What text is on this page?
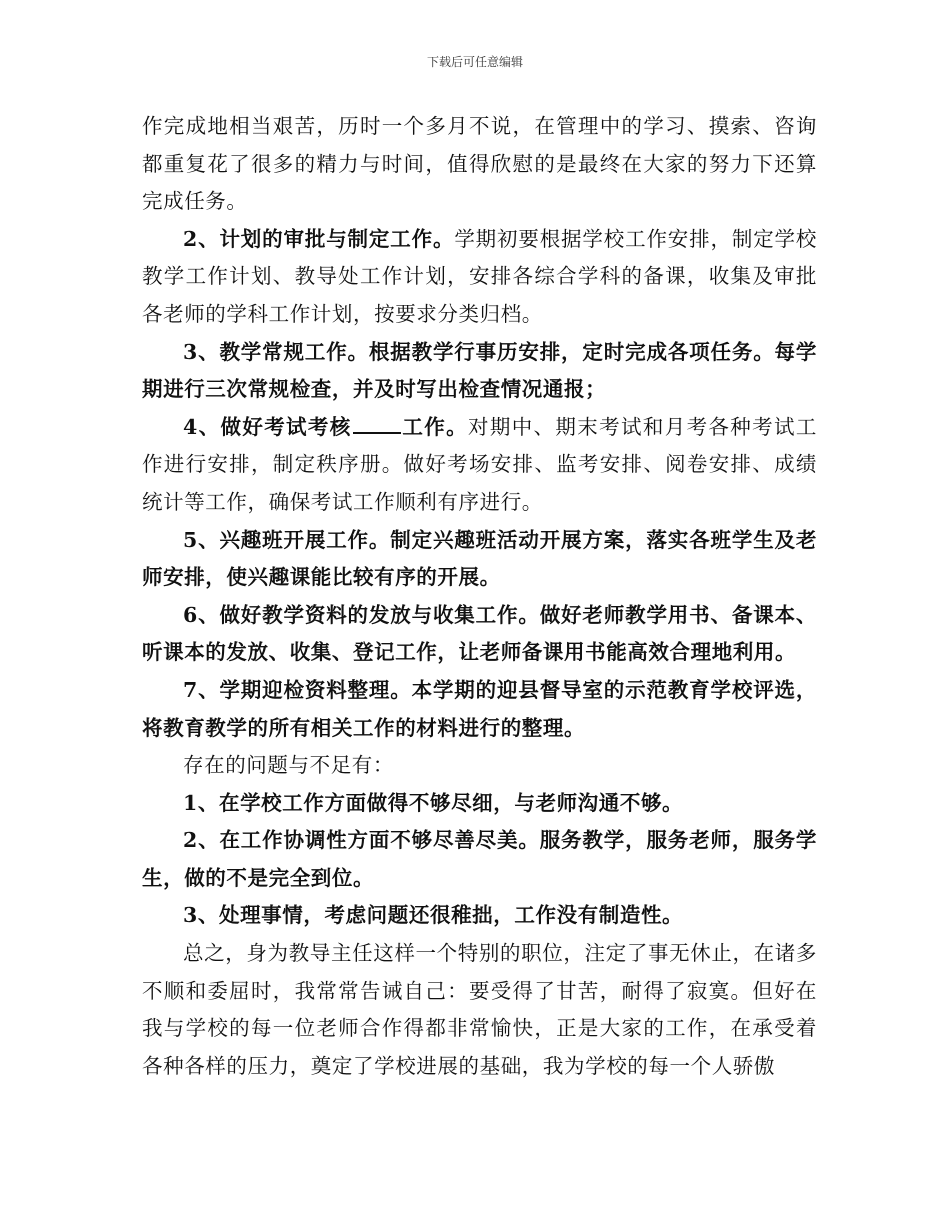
下载后可任意编辑

作完成地相当艰苦，历时一个多月不说，在管理中的学习、摸索、咨询都重复花了很多的精力与时间，值得欣慰的是最终在大家的努力下还算完成任务。

2、计划的审批与制定工作。学期初要根据学校工作安排，制定学校教学工作计划、教导处工作计划，安排各综合学科的备课，收集及审批各老师的学科工作计划，按要求分类归档。

3、教学常规工作。根据教学行事历安排，定时完成各项任务。每学期进行三次常规检查，并及时写出检查情况通报；

4、做好考试考核 工作。对期中、期末考试和月考各种考试工作进行安排，制定秩序册。做好考场安排、监考安排、阅卷安排、成绩统计等工作，确保考试工作顺利有序进行。

5、兴趣班开展工作。制定兴趣班活动开展方案，落实各班学生及老师安排，使兴趣课能比较有序的开展。

6、做好教学资料的发放与收集工作。做好老师教学用书、备课本、听课本的发放、收集、登记工作，让老师备课用书能高效合理地利用。

7、学期迎检资料整理。本学期的迎县督导室的示范教育学校评选，将教育教学的所有相关工作的材料进行的整理。

存在的问题与不足有：

1、在学校工作方面做得不够尽细，与老师沟通不够。

2、在工作协调性方面不够尽善尽美。服务教学，服务老师，服务学生，做的不是完全到位。

3、处理事情，考虑问题还很稚拙，工作没有制造性。

总之，身为教导主任这样一个特别的职位，注定了事无休止，在诸多不顺和委屈时，我常常告诫自己：要受得了甘苦，耐得了寂寞。但好在我与学校的每一位老师合作得都非常愉快，正是大家的工作，在承受着各种各样的压力，奠定了学校进展的基础，我为学校的每一个人骄傲
